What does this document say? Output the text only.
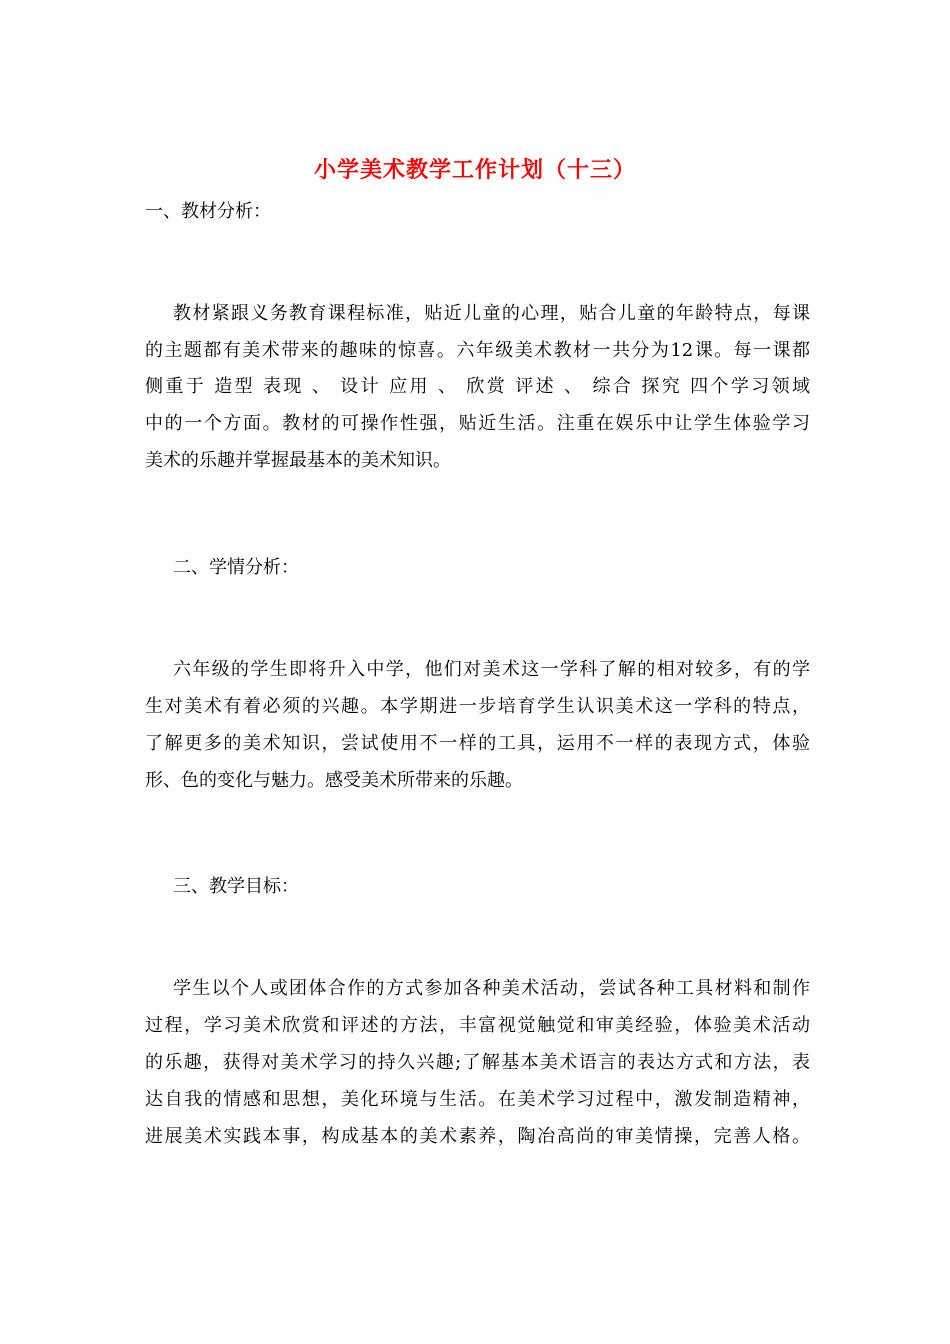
小学美术教学工作计划（十三）
一、教材分析：
教材紧跟义务教育课程标准，贴近儿童的心理，贴合儿童的年龄特点，每课
的主题都有美术带来的趣味的惊喜。六年级美术教材一共分为12课。每一课都
侧重于 造型 表现 、 设计 应用 、 欣赏 评述 、 综合 探究 四个学习领域
中的一个方面。教材的可操作性强，贴近生活。注重在娱乐中让学生体验学习
美术的乐趣并掌握最基本的美术知识。
二、学情分析：
六年级的学生即将升入中学，他们对美术这一学科了解的相对较多，有的学
生对美术有着必须的兴趣。本学期进一步培育学生认识美术这一学科的特点，
了解更多的美术知识，尝试使用不一样的工具，运用不一样的表现方式，体验
形、色的变化与魅力。感受美术所带来的乐趣。
三、教学目标：
学生以个人或团体合作的方式参加各种美术活动，尝试各种工具材料和制作
过程，学习美术欣赏和评述的方法，丰富视觉触觉和审美经验，体验美术活动
的乐趣，获得对美术学习的持久兴趣;了解基本美术语言的表达方式和方法，表
达自我的情感和思想，美化环境与生活。在美术学习过程中，激发制造精神，
进展美术实践本事，构成基本的美术素养，陶冶高尚的审美情操，完善人格。
